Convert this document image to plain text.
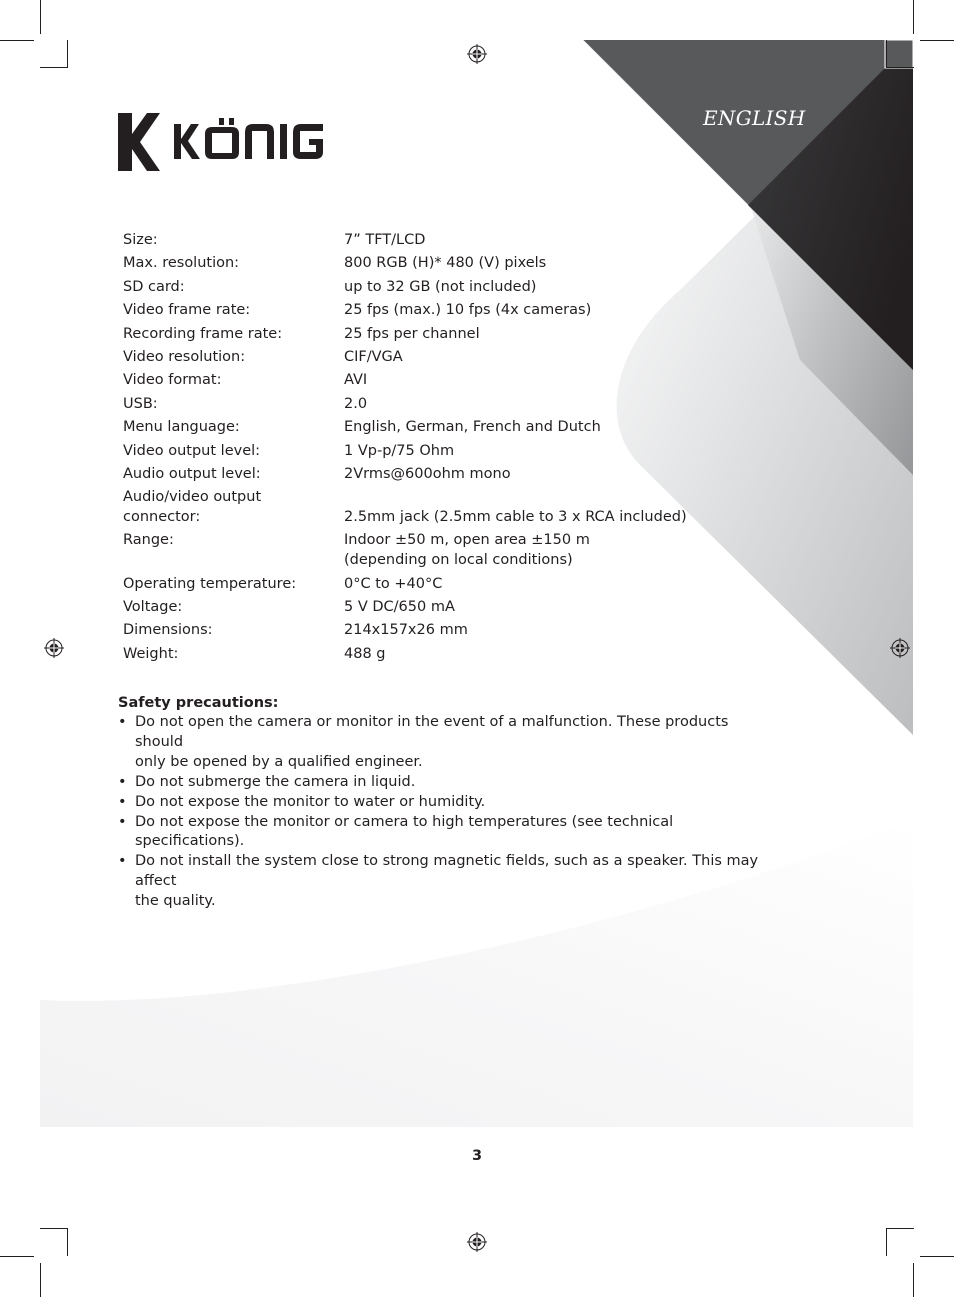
ENGLISH
Size:	7” TFT/LCD
Max. resolution:	800 RGB (H)* 480 (V) pixels
SD card:	up to 32 GB (not included)
Video frame rate:	25 fps (max.) 10 fps (4x cameras)
Recording frame rate:	25 fps per channel
Video resolution:	CIF/VGA
Video format:	AVI
USB:	2.0
Menu language:	English, German, French and Dutch
Video output level:	1 Vp-p/75 Ohm
Audio output level:	2Vrms@600ohm mono
Audio/video output
connector:	2.5mm jack (2.5mm cable to 3 x RCA included)
Range:	Indoor ±50 m, open area ±150 m
(depending on local conditions)
Operating temperature:	0°C to +40°C
Voltage:	5 V DC/650 mA
Dimensions:	214x157x26 mm
Weight:	488 g
Safety precautions:
• Do not open the camera or monitor in the event of a malfunction. These products should
only be opened by a qualified engineer.
• Do not submerge the camera in liquid.
• Do not expose the monitor to water or humidity.
• Do not expose the monitor or camera to high temperatures (see technical specifications).
• Do not install the system close to strong magnetic fields, such as a speaker. This may affect
the quality.
3
